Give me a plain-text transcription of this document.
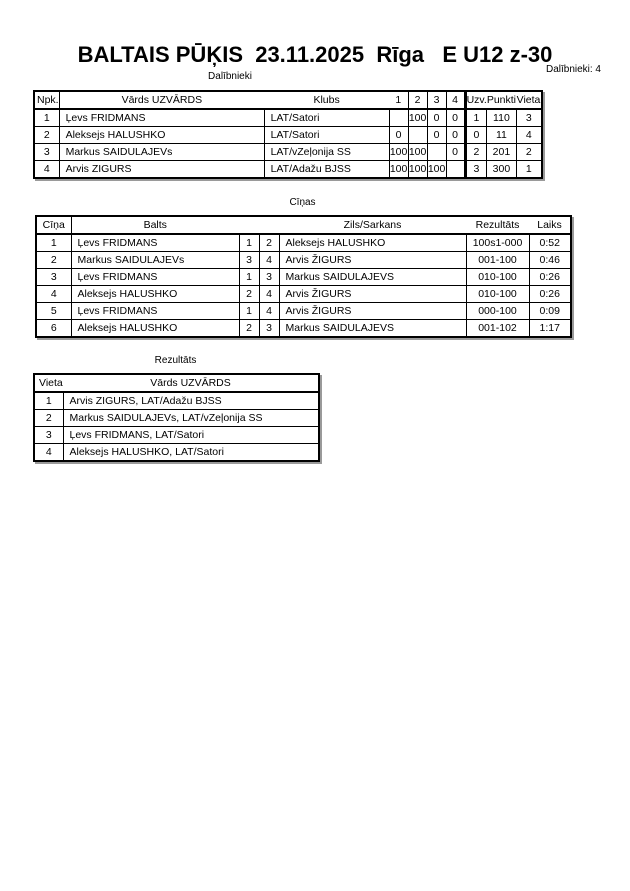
BALTAIS PŪĶIS  23.11.2025  Rīga   E U12 z-30
Dalībnieki: 4
Dalībnieki
Npk.	Vārds UZVĀRDS	Klubs	1	2	3	4	Uzv.	Punkti	Vieta
1	Ļevs FRIDMANS	LAT/Satori		100	0	0	1	110	3
2	Aleksejs HALUSHKO	LAT/Satori	0		0	0	0	11	4
3	Markus SAIDULAJEVs	LAT/vZeļonija SS	100	100		0	2	201	2
4	Arvis ZIGURS	LAT/Adažu BJSS	100	100	100		3	300	1
Cīņas
Cīņa	Balts			Zils/Sarkans	Rezultāts	Laiks
1	Ļevs FRIDMANS	1	2	Aleksejs HALUSHKO	100s1-000	0:52
2	Markus SAIDULAJEVs	3	4	Arvis ŽIGURS	001-100	0:46
3	Ļevs FRIDMANS	1	3	Markus SAIDULAJEVS	010-100	0:26
4	Aleksejs HALUSHKO	2	4	Arvis ŽIGURS	010-100	0:26
5	Ļevs FRIDMANS	1	4	Arvis ŽIGURS	000-100	0:09
6	Aleksejs HALUSHKO	2	3	Markus SAIDULAJEVS	001-102	1:17
Rezultāts
Vieta	Vārds UZVĀRDS
1	Arvis ZIGURS, LAT/Adažu BJSS
2	Markus SAIDULAJEVs, LAT/vZeļonija SS
3	Ļevs FRIDMANS, LAT/Satori
4	Aleksejs HALUSHKO, LAT/Satori
